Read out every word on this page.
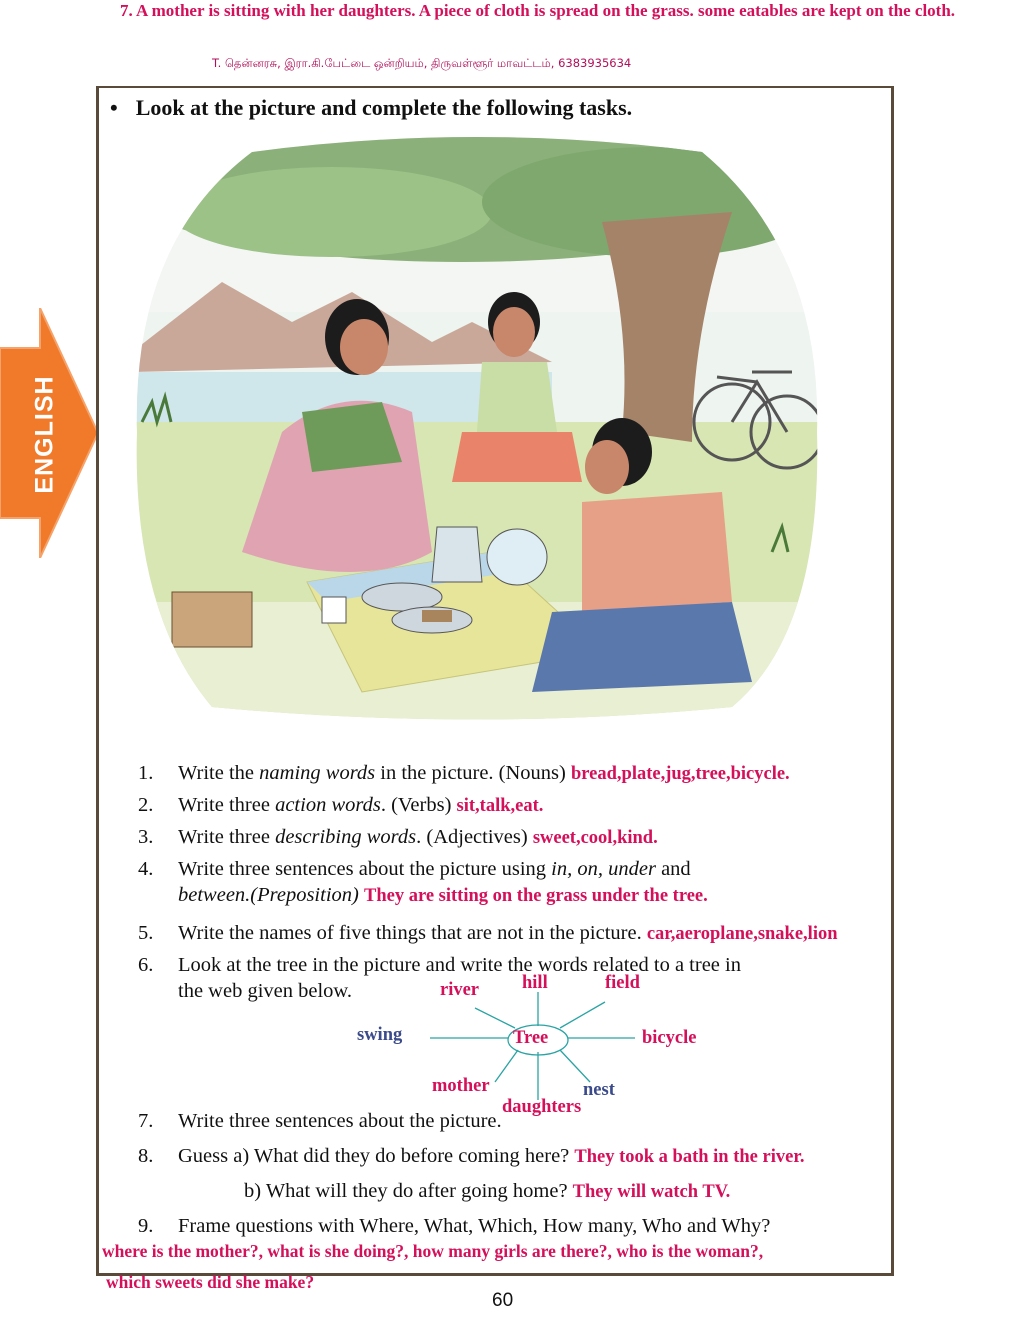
7. A mother is sitting with her daughters. A piece of cloth is spread on the grass. some eatables are kept on the cloth.
T. தென்னரசு, இரா.கி.பேட்டை ஒன்றியம், திருவள்ளூர் மாவட்டம், 6383935634
ENGLISH
• Look at the picture and complete the following tasks.
1. Write the naming words in the picture. (Nouns) bread,plate,jug,tree,bicycle.
2. Write three action words. (Verbs) sit,talk,eat.
3. Write three describing words. (Adjectives) sweet,cool,kind.
4. Write three sentences about the picture using in, on, under and
between.(Preposition) They are sitting on the grass under the tree.
5. Write the names of five things that are not in the picture. car,aeroplane,snake,lion
6. Look at the tree in the picture and write the words related to a tree in
the web given below.
Tree
river hill	field
swing	bicycle
mother	nest
daughters
7. Write three sentences about the picture.
8. Guess a) What did they do before coming here? They took a bath in the river.
b) What will they do after going home? They will watch TV.
9. Frame questions with Where, What, Which, How many, Who and Why?
where is the mother?, what is she doing?, how many girls are there?, who is the woman?,
which sweets did she make?
60
